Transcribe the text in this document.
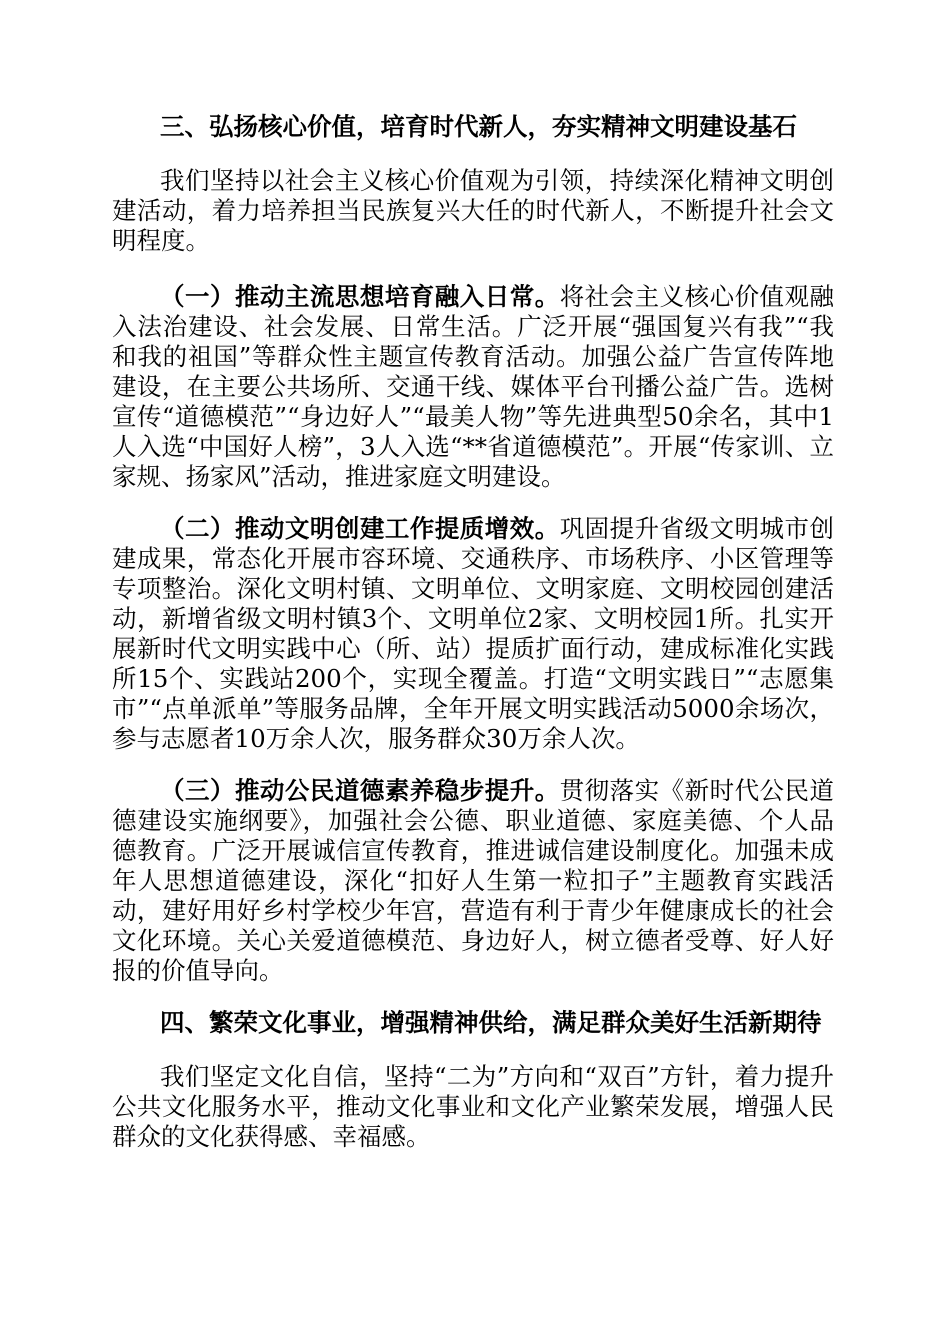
三、弘扬核心价值，培育时代新人，夯实精神文明建设基石
我们坚持以社会主义核心价值观为引领，持续深化精神文明创建活动，着力培养担当民族复兴大任的时代新人，不断提升社会文明程度。
（一）推动主流思想培育融入日常。将社会主义核心价值观融入法治建设、社会发展、日常生活。广泛开展“强国复兴有我”“我和我的祖国”等群众性主题宣传教育活动。加强公益广告宣传阵地建设，在主要公共场所、交通干线、媒体平台刊播公益广告。选树宣传“道德模范”“身边好人”“最美人物”等先进典型50余名，其中1人入选“中国好人榜”，3人入选“**省道德模范”。开展“传家训、立家规、扬家风”活动，推进家庭文明建设。
（二）推动文明创建工作提质增效。巩固提升省级文明城市创建成果，常态化开展市容环境、交通秩序、市场秩序、小区管理等专项整治。深化文明村镇、文明单位、文明家庭、文明校园创建活动，新增省级文明村镇3个、文明单位2家、文明校园1所。扎实开展新时代文明实践中心（所、站）提质扩面行动，建成标准化实践所15个、实践站200个，实现全覆盖。打造“文明实践日”“志愿集市”“点单派单”等服务品牌，全年开展文明实践活动5000余场次，参与志愿者10万余人次，服务群众30万余人次。
（三）推动公民道德素养稳步提升。贯彻落实《新时代公民道德建设实施纲要》，加强社会公德、职业道德、家庭美德、个人品德教育。广泛开展诚信宣传教育，推进诚信建设制度化。加强未成年人思想道德建设，深化“扣好人生第一粒扣子”主题教育实践活动，建好用好乡村学校少年宫，营造有利于青少年健康成长的社会文化环境。关心关爱道德模范、身边好人，树立德者受尊、好人好报的价值导向。
四、繁荣文化事业，增强精神供给，满足群众美好生活新期待
我们坚定文化自信，坚持“二为”方向和“双百”方针，着力提升公共文化服务水平，推动文化事业和文化产业繁荣发展，增强人民群众的文化获得感、幸福感。
